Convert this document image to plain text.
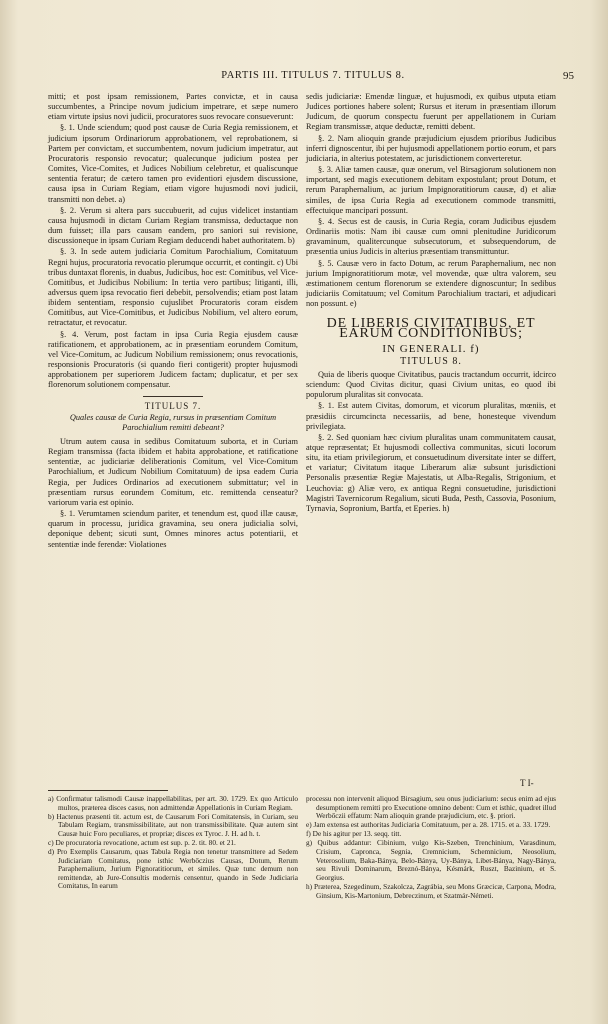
PARTIS III. TITULUS 7. TITULUS 8.	95

mitti; et post ipsam remissionem, Partes convictæ, et in causa succumbentes, a Principe novum judicium impetrare, et sæpe numero etiam virtute ipsius novi judicii, procuratores suos revocare consueverunt:

§. 1. Unde sciendum; quod post causæ de Curia Regia remissionem, et judicium ipsorum Ordinariorum approbationem, vel reprobationem, si Partem per convictam, et succumbentem, novum judicium impetratur, aut Procuratoris responsio revocatur; qualecunque judicium postea per Comites, Vice-Comites, et Judices Nobilium celebretur, et qualiscunque sententia feratur; de cætero tamen pro evidentiori ejusdem discussione, causa ipsa in Curiam Regiam, etiam vigore hujusmodi novi judicii, transmitti non debet. a)

§. 2. Verum si altera pars succubuerit, ad cujus videlicet instantiam causa hujusmodi in dictam Curiam Regiam transmissa, deductaque non dum fuisset; illa pars causam eandem, pro saniori sui revisione, discussioneque in ipsam Curiam Regiam deducendi habet authoritatem. b)

§. 3. In sede autem judiciaria Comitum Parochialium, Comitatuum Regni hujus, procuratoria revocatio plerumque occurrit, et contingit. c) Ubi tribus duntaxat florenis, in duabus, Judicibus, hoc est: Comitibus, vel Vice-Comitibus, et Judicibus Nobilium: In tertia vero partibus; litiganti, illi, adversus quem ipsa revocatio fieri debebit, persolvendis; etiam post latam ibidem sententiam, responsio cujuslibet Procuratoris coram eisdem Comitibus, aut Vice-Comitibus, et Judicibus Nobilium, vel altero eorum, retractatur, et revocatur.

§. 4. Verum, post factam in ipsa Curia Regia ejusdem causæ ratificationem, et approbationem, ac in præsentiam eorundem Comitum, vel Vice-Comitum, ac Judicum Nobilium remissionem; onus revocationis, responsionis Procuratoris (si quando fieri contigerit) propter hujusmodi approbationem per superiorem Judicem factam; duplicatur, et per sex florenorum solutionem compensatur.

TITULUS 7.
Quales causæ de Curia Regia, rursus in præsentiam Comitum Parochialium remitti debeant?

Utrum autem causa in sedibus Comitatuum suborta, et in Curiam Regiam transmissa (facta ibidem et habita approbatione, et ratificatione sententiæ, ac judiciariæ deliberationis Comitum, vel Vice-Comitum Parochialium, et Judicum Nobilium Comitatuum) de ipsa eadem Curia Regia, per Judices Ordinarios ad executionem submittatur; vel in præsentiam rursus eorundem Comitum, etc. remittenda censeatur? variorum varia est opinio.

§. 1. Verumtamen sciendum pariter, et tenendum est, quod illæ causæ, quarum in processu, juridica gravamina, seu onera judicialia solvi, deponique debent; sicuti sunt, Omnes minores actus potentiarii, et sententiæ inde ferendæ: Violationes

sedis judiciariæ: Emendæ linguæ, et hujusmodi, ex quibus utputa etiam Judices portiones habere solent; Rursus et iterum in præsentiam illorum Judicum, de quorum conspectu fuerunt per appellationem in Curiam Regiam transmissæ, atque deductæ, remitti debent.

§. 2. Nam alioquin grande præjudicium ejusdem prioribus Judicibus inferri dignoscentur, ibi per hujusmodi appellationem portio eorum, et pars judiciaria, in alterius potestatem, ac jurisdictionem converteretur.

§. 3. Aliæ tamen causæ, quæ onerum, vel Birsagiorum solutionem non important, sed magis executionem debitam expostulant; prout Dotum, et rerum Paraphernalium, ac jurium Impignoratitiorum causæ, d) et aliæ similes, de ipsa Curia Regia ad executionem commode transmitti, effectuique mancipari possunt.

§. 4. Secus est de causis, in Curia Regia, coram Judicibus ejusdem Ordinariis motis: Nam ibi causæ cum omni plenitudine Juridicorum gravaminum, qualitercunque subsecutorum, et subsequendorum, de præsentia unius Judicis in alterius præsentiam transmittuntur.

§. 5. Causæ vero in facto Dotum, ac rerum Paraphernalium, nec non jurium Impignoratitiorum motæ, vel movendæ, quæ ultra valorem, seu æstimationem centum florenorum se extendere dignoscuntur; In sedibus judiciariis Comitatuum; vel Comitum Parochialium tractari, et adjudicari non possunt. e)

DE LIBERIS CIVITATIBUS, ET EARUM CONDITIONIBUS;
IN GENERALI. f)
TITULUS 8.

Quia de liberis quoque Civitatibus, paucis tractandum occurrit, idcirco sciendum: Quod Civitas dicitur, quasi Civium unitas, eo quod ibi populorum pluralitas sit convocata.

§. 1. Est autem Civitas, domorum, et vicorum pluralitas, mœniis, et præsidiis circumcincta necessariis, ad bene, honesteque vivendum privilegiata.

§. 2. Sed quoniam hæc civium pluralitas unam communitatem causat, atque repræsentat; Et hujusmodi collectiva communitas, sicuti locorum situ, ita etiam privilegiorum, et consuetudinum diversitate inter se differt, et variatur; Civitatum itaque Liberarum aliæ subsunt jurisdictioni Personalis præsentiæ Regiæ Majestatis, ut Alba-Regalis, Strigonium, et Leuchovia: g) Aliæ vero, ex antiqua Regni consuetudine, jurisdictioni Magistri Tavernicorum Regalium, sicuti Buda, Pesth, Cassovia, Posonium, Tyrnavia, Sopronium, Bartfa, et Eperies. h)

T I-

a) Confirmatur talismodi Causæ inappellabilitas, per art. 30. 1729. Ex quo Articulo multos, præterea disces casus, non admittendæ Appellationis in Curiam Regiam.

b) Hactenus præsenti tit. actum est, de Causarum Fori Comitatensis, in Curiam, seu Tabulam Regiam, transmissibilitate, aut non transmissibilitate. Quæ autem sint Causæ huic Foro peculiares, et propriæ; disces ex Tyroc. J. H. ad h. t.

c) De procuratoria revocatione, actum est sup. p. 2. tit. 80. et 21.

d) Pro Exemplis Causarum, quas Tabula Regia non tenetur transmittere ad Sedem Judiciariam Comitatus, pone isthic Werbőczius Causas, Dotum, Rerum Paraphernalium, Jurium Pignoratitiorum, et similes. Quæ tunc demum non remittendæ, ab Jure-Consultis modernis censentur, quando in Sede Judiciaria Comitatus, In earum

processu non intervenit aliquod Birsagium, seu onus judiciarium: secus enim ad ejus desumptionem remitti pro Executione omnino debent: Cum et isthic, quadret illud Werbőczii effatum: Nam alioquin grande præjudicium, etc. §. priori.

e) Jam extensa est authoritas Judiciaria Comitatuum, per a. 28. 1715. et a. 33. 1729.

f) De his agitur per 13. seqq. titt.

g) Quibus addantur: Cibinium, vulgo Kis-Szeben, Trenchinium, Varasdinum, Crisium, Capronca, Segnia, Cremnicium, Schemnicium, Neosolium, Veterosolium, Baka-Bánya, Belo-Bánya, Uy-Bánya, Libet-Bánya, Nagy-Bánya, seu Rivuli Dominarum, Breznó-Bánya, Késmárk, Ruszt, Bazinium, et S. Georgius.

h) Præterea, Szegedinum, Szakolcza, Zagrábia, seu Mons Græcicæ, Carpona, Modra, Ginsium, Kis-Martonium, Debreczinum, et Szatmár-Németi.
